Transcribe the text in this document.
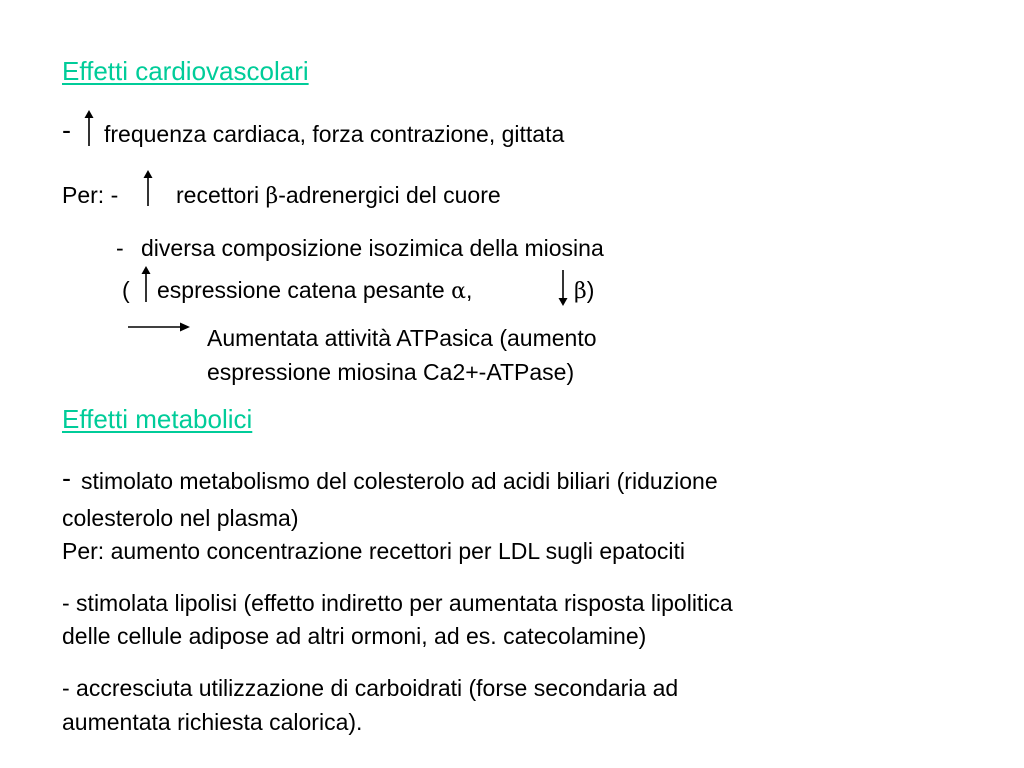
Effetti cardiovascolari
- frequenza cardiaca, forza contrazione, gittata
Per: -	recettori β-adrenergici del cuore
- diversa composizione isozimica della miosina
( espressione catena pesante α,	β)
Aumentata attività ATPasica (aumento
espressione miosina Ca2+-ATPase)
Effetti metabolici
- stimolato metabolismo del colesterolo ad acidi biliari (riduzione
colesterolo nel plasma)
Per: aumento concentrazione recettori per LDL sugli epatociti
- stimolata lipolisi (effetto indiretto per aumentata risposta lipolitica
delle cellule adipose ad altri ormoni, ad es. catecolamine)
- accresciuta utilizzazione di carboidrati (forse secondaria ad
aumentata richiesta calorica).
